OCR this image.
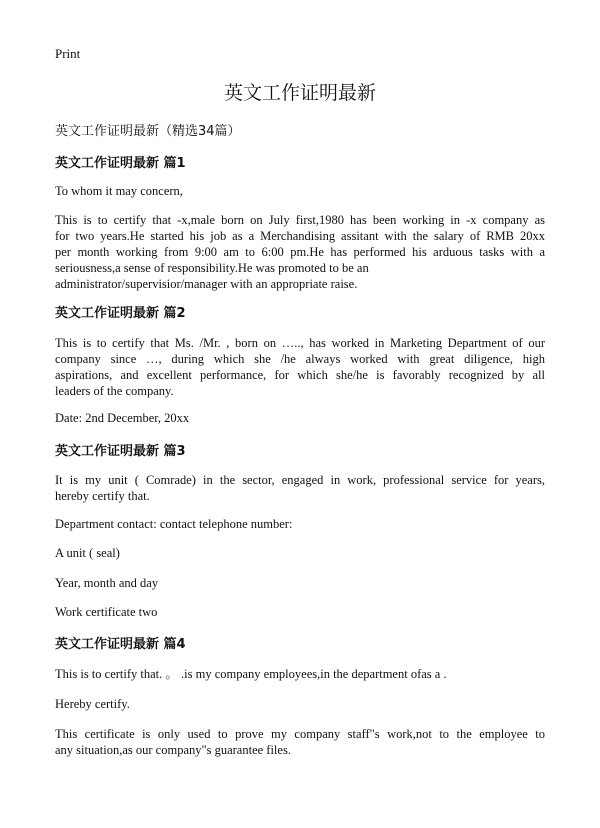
Print
英文工作证明最新
英文工作证明最新（精选34篇）
英文工作证明最新 篇1
To whom it may concern,
This is to certify that -x,male born on July first,1980 has been working in -x company as
for two years.He started his job as a Merchandising assitant with the salary of RMB 20xx
per month working from 9:00 am to 6:00 pm.He has performed his arduous tasks with a
seriousness,a sense of responsibility.He was promoted to be an
administrator/supervisior/manager with an appropriate raise.
英文工作证明最新 篇2
This is to certify that Ms. /Mr. , born on ….., has worked in Marketing Department of our
company since …, during which she /he always worked with great diligence, high
aspirations, and excellent performance, for which she/he is favorably recognized by all
leaders of the company.
Date: 2nd December, 20xx
英文工作证明最新 篇3
It is my unit ( Comrade) in the sector, engaged in work, professional service for years,
hereby certify that.
Department contact: contact telephone number:
A unit ( seal)
Year, month and day
Work certificate two
英文工作证明最新 篇4
This is to certify that. 。 .is my company employees,in the department ofas a .
Hereby certify.
This certificate is only used to prove my company staff"s work,not to the employee to
any situation,as our company"s guarantee files.
